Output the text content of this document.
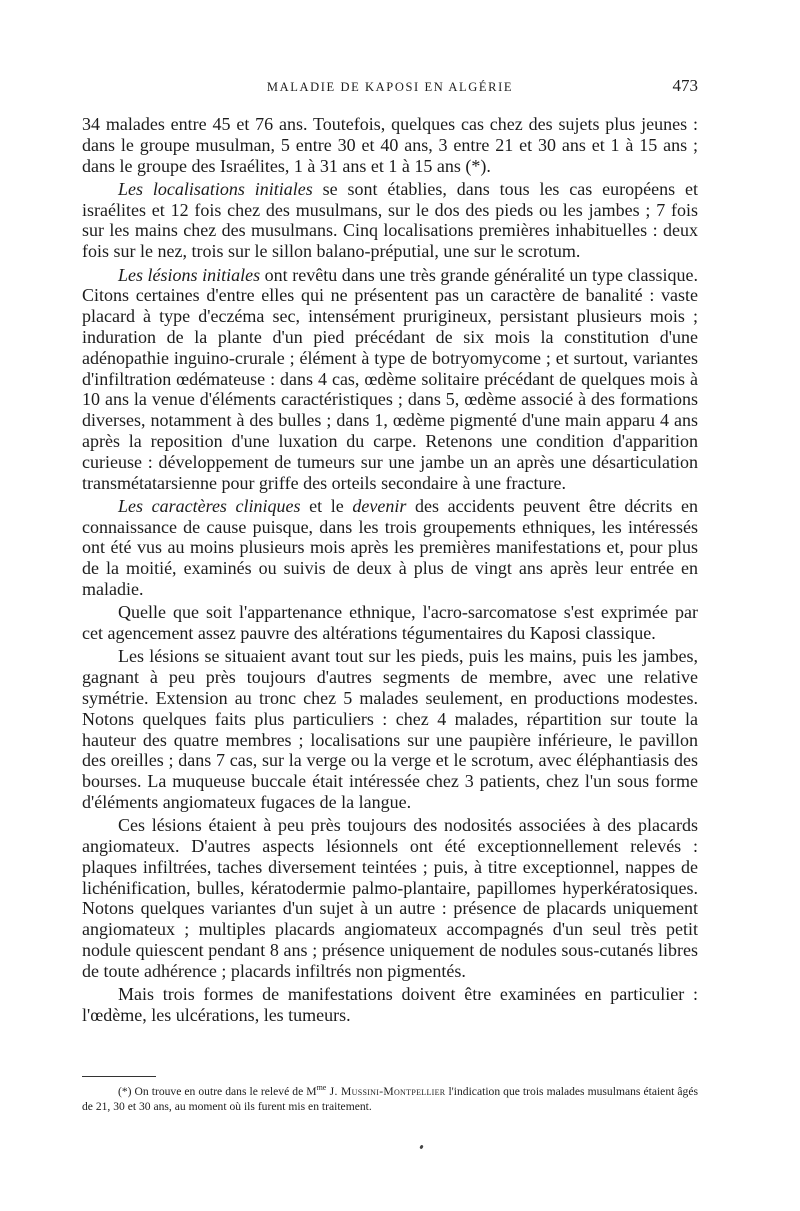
MALADIE DE KAPOSI EN ALGÉRIE	473

34 malades entre 45 et 76 ans. Toutefois, quelques cas chez des sujets plus jeunes : dans le groupe musulman, 5 entre 30 et 40 ans, 3 entre 21 et 30 ans et 1 à 15 ans ; dans le groupe des Israélites, 1 à 31 ans et 1 à 15 ans (*).

Les localisations initiales se sont établies, dans tous les cas européens et israélites et 12 fois chez des musulmans, sur le dos des pieds ou les jambes ; 7 fois sur les mains chez des musulmans. Cinq localisations premières inhabituelles : deux fois sur le nez, trois sur le sillon balano-préputial, une sur le scrotum.

Les lésions initiales ont revêtu dans une très grande généralité un type classique. Citons certaines d'entre elles qui ne présentent pas un caractère de banalité : vaste placard à type d'eczéma sec, intensément prurigineux, persistant plusieurs mois ; induration de la plante d'un pied précédant de six mois la constitution d'une adénopathie inguino-crurale ; élément à type de botryomycome ; et surtout, variantes d'infiltration œdémateuse : dans 4 cas, œdème solitaire précédant de quelques mois à 10 ans la venue d'éléments caractéristiques ; dans 5, œdème associé à des formations diverses, notamment à des bulles ; dans 1, œdème pigmenté d'une main apparu 4 ans après la reposition d'une luxation du carpe. Retenons une condition d'apparition curieuse : développement de tumeurs sur une jambe un an après une désarticulation transmétatarsienne pour griffe des orteils secondaire à une fracture.

Les caractères cliniques et le devenir des accidents peuvent être décrits en connaissance de cause puisque, dans les trois groupements ethniques, les intéressés ont été vus au moins plusieurs mois après les premières manifestations et, pour plus de la moitié, examinés ou suivis de deux à plus de vingt ans après leur entrée en maladie.

Quelle que soit l'appartenance ethnique, l'acro-sarcomatose s'est exprimée par cet agencement assez pauvre des altérations tégumentaires du Kaposi classique.

Les lésions se situaient avant tout sur les pieds, puis les mains, puis les jambes, gagnant à peu près toujours d'autres segments de membre, avec une relative symétrie. Extension au tronc chez 5 malades seulement, en productions modestes. Notons quelques faits plus particuliers : chez 4 malades, répartition sur toute la hauteur des quatre membres ; localisations sur une paupière inférieure, le pavillon des oreilles ; dans 7 cas, sur la verge ou la verge et le scrotum, avec éléphantiasis des bourses. La muqueuse buccale était intéressée chez 3 patients, chez l'un sous forme d'éléments angiomateux fugaces de la langue.

Ces lésions étaient à peu près toujours des nodosités associées à des placards angiomateux. D'autres aspects lésionnels ont été exceptionnellement relevés : plaques infiltrées, taches diversement teintées ; puis, à titre exceptionnel, nappes de lichénification, bulles, kératodermie palmo-plantaire, papillomes hyperkératosiques. Notons quelques variantes d'un sujet à un autre : présence de placards uniquement angiomateux ; multiples placards angiomateux accompagnés d'un seul très petit nodule quiescent pendant 8 ans ; présence uniquement de nodules sous-cutanés libres de toute adhérence ; placards infiltrés non pigmentés.

Mais trois formes de manifestations doivent être examinées en particulier : l'œdème, les ulcérations, les tumeurs.

(*) On trouve en outre dans le relevé de $M^{me}$ J. Mussini-Montpellier l'indication que trois malades musulmans étaient âgés de 21, 30 et 30 ans, au moment où ils furent mis en traitement.
